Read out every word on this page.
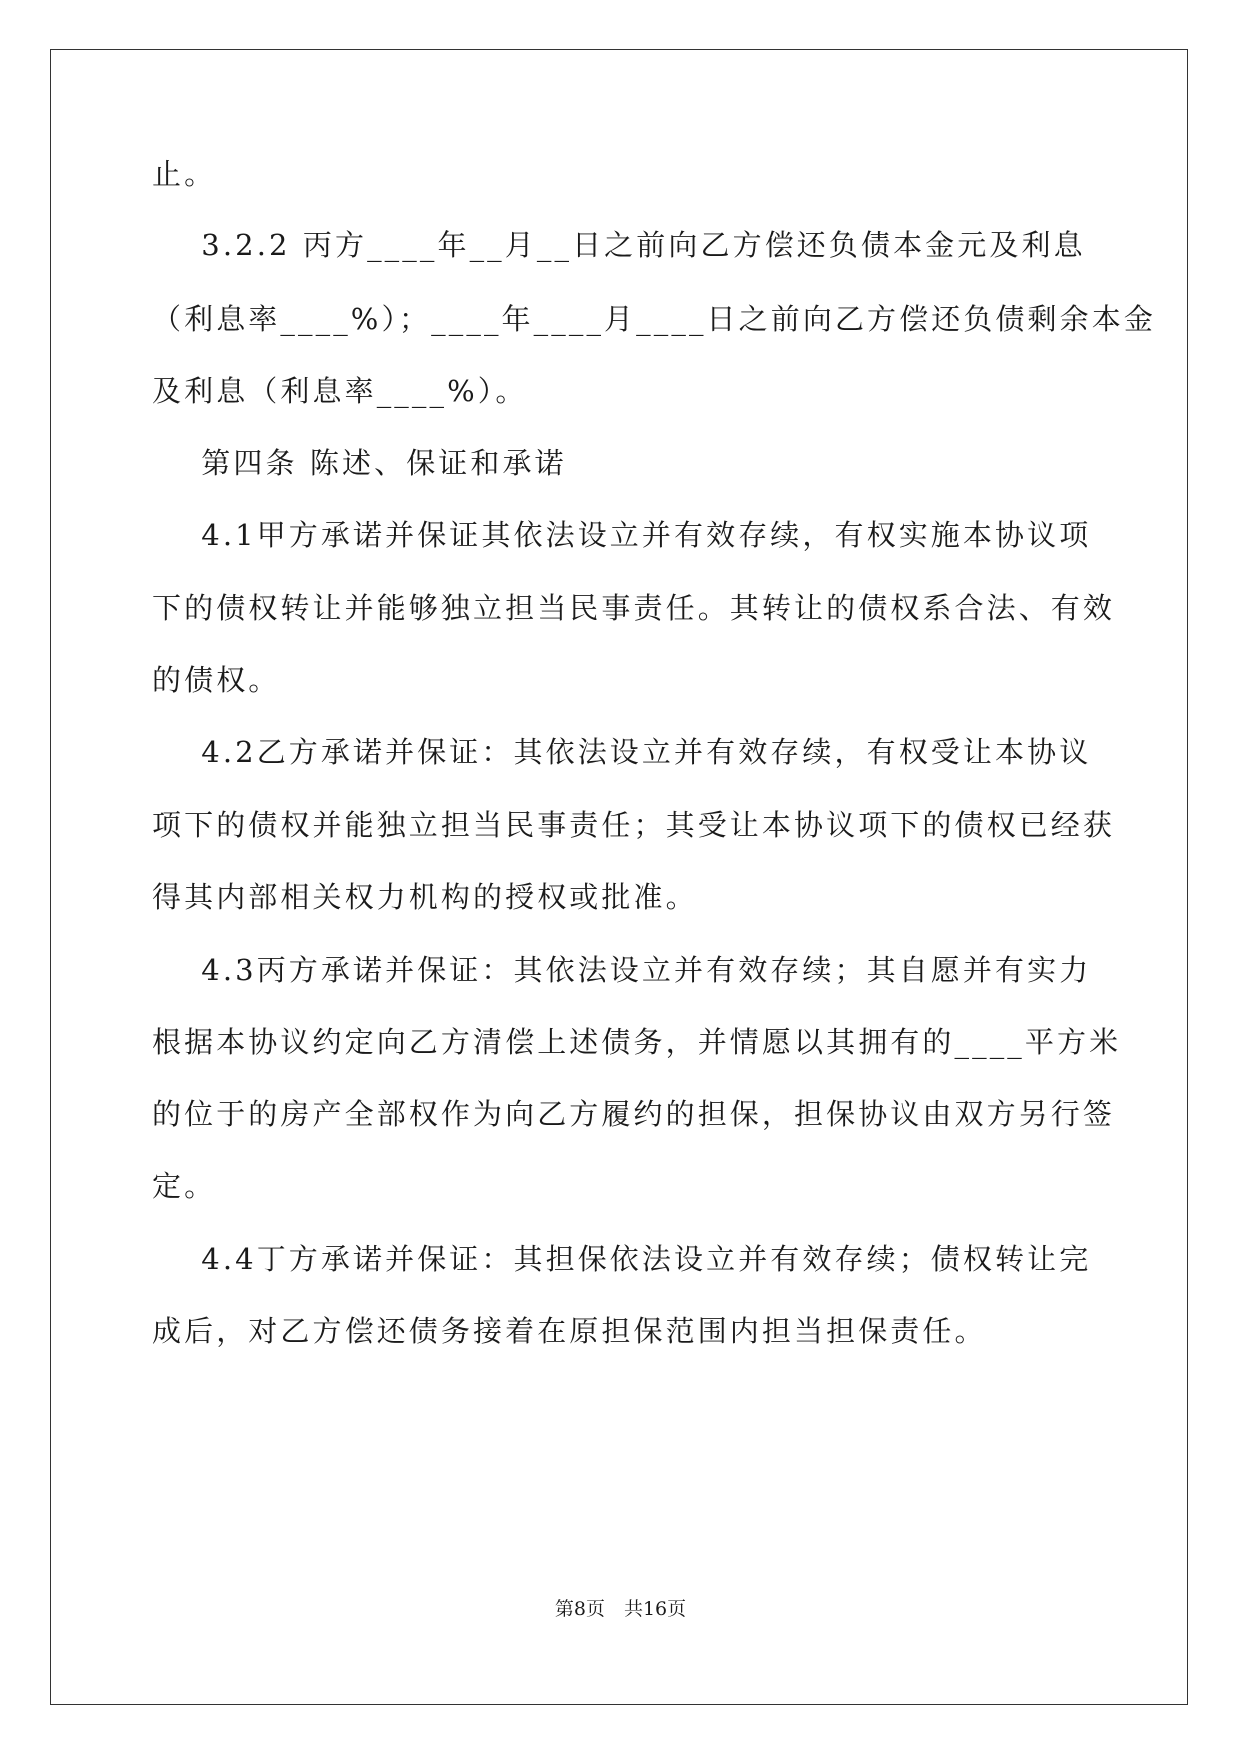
止。
3.2.2 丙方____年__月__日之前向乙方偿还负债本金元及利息
（利息率____%）；____年____月____日之前向乙方偿还负债剩余本金
及利息（利息率____%）。
第四条 陈述、保证和承诺
4.1甲方承诺并保证其依法设立并有效存续，有权实施本协议项
下的债权转让并能够独立担当民事责任。其转让的债权系合法、有效
的债权。
4.2乙方承诺并保证：其依法设立并有效存续，有权受让本协议
项下的债权并能独立担当民事责任；其受让本协议项下的债权已经获
得其内部相关权力机构的授权或批准。
4.3丙方承诺并保证：其依法设立并有效存续；其自愿并有实力
根据本协议约定向乙方清偿上述债务，并情愿以其拥有的____平方米
的位于的房产全部权作为向乙方履约的担保，担保协议由双方另行签
定。
4.4丁方承诺并保证：其担保依法设立并有效存续；债权转让完
成后，对乙方偿还债务接着在原担保范围内担当担保责任。
第8页　共16页
